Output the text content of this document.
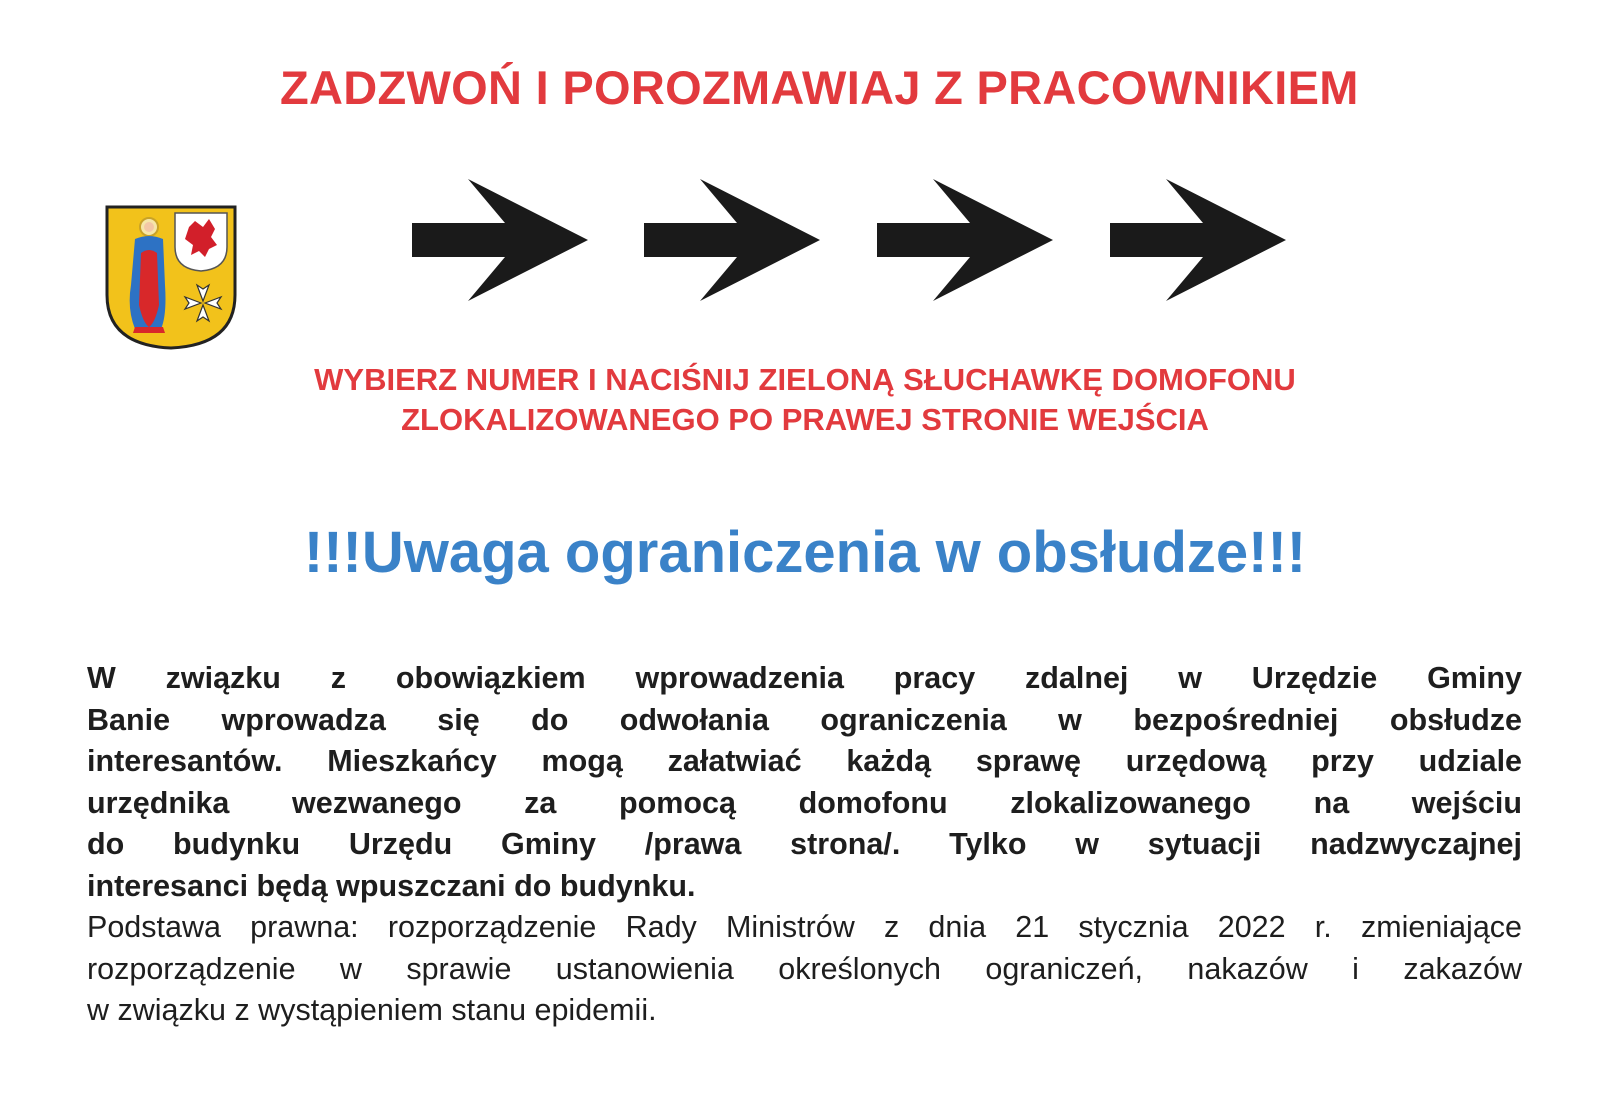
ZADZWOŃ I POROZMAWIAJ Z PRACOWNIKIEM
WYBIERZ NUMER I NACIŚNIJ ZIELONĄ SŁUCHAWKĘ DOMOFONU
ZLOKALIZOWANEGO PO PRAWEJ STRONIE WEJŚCIA
!!!Uwaga ograniczenia w obsłudze!!!
W związku z obowiązkiem wprowadzenia pracy zdalnej w Urzędzie Gminy
Banie wprowadza się do odwołania ograniczenia w bezpośredniej obsłudze
interesantów. Mieszkańcy mogą załatwiać każdą sprawę urzędową przy udziale
urzędnika wezwanego za pomocą domofonu zlokalizowanego na wejściu
do budynku Urzędu Gminy /prawa strona/. Tylko w sytuacji nadzwyczajnej
interesanci będą wpuszczani do budynku.
Podstawa prawna: rozporządzenie Rady Ministrów z dnia 21 stycznia 2022 r. zmieniające
rozporządzenie w sprawie ustanowienia określonych ograniczeń, nakazów i zakazów
w związku z wystąpieniem stanu epidemii.
